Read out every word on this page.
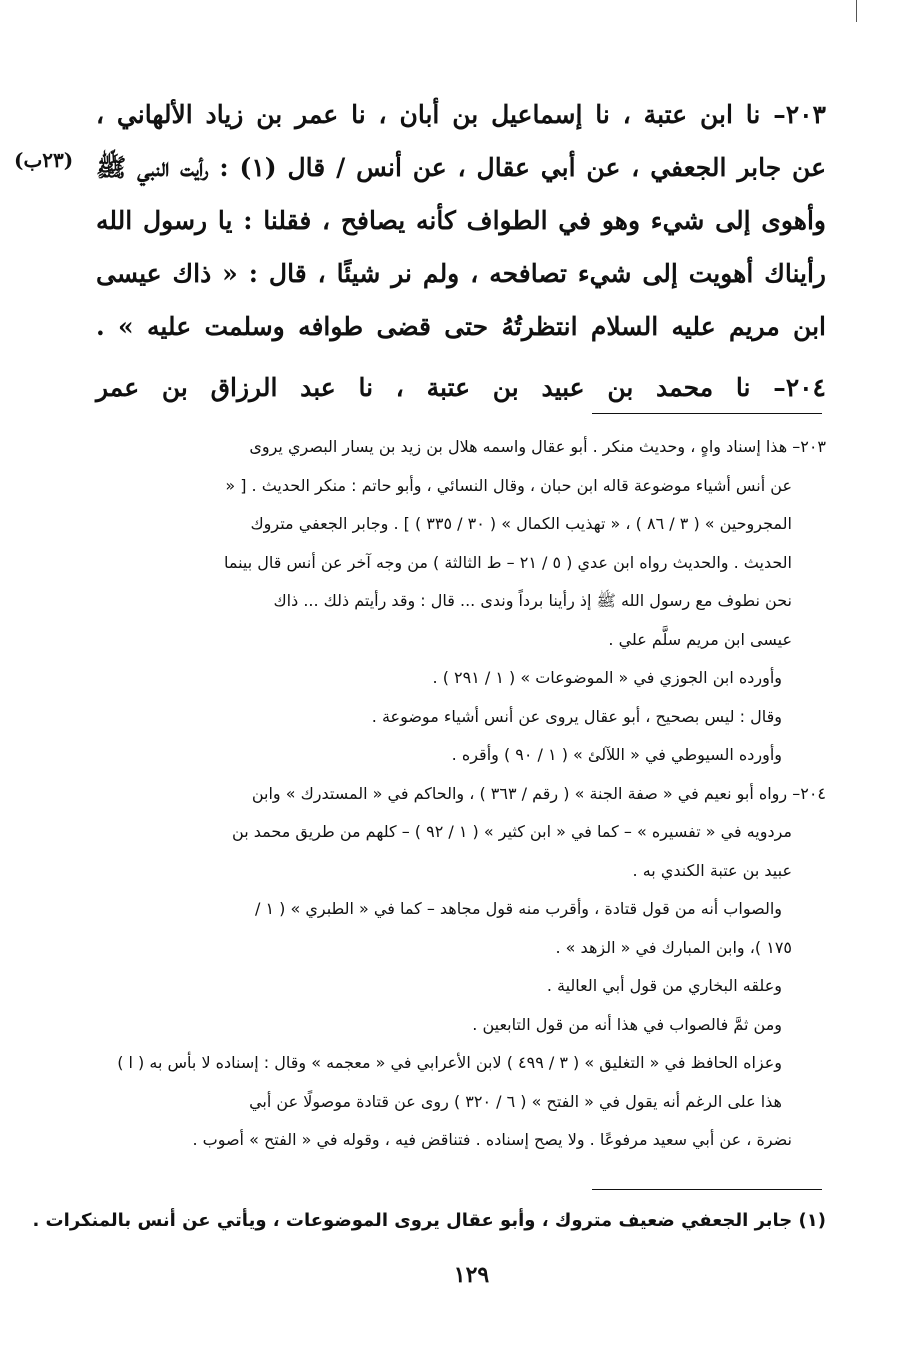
(٢٣ب)
٢٠٣– نا ابن عتبة ، نا إسماعيل بن أبان ، نا عمر بن زياد الألهاني ،
عن جابر الجعفي ، عن أبي عقال ، عن أنس / قال (١) : رأيت النبي ﷺ
وأهوى إلى شيء وهو في الطواف كأنه يصافح ، فقلنا : يا رسول الله
رأيناك أهويت إلى شيء تصافحه ، ولم نر شيئًا ، قال : « ذاك عيسى
ابن مريم عليه السلام انتظرتُهُ حتى قضى طوافه وسلمت عليه » .
٢٠٤– نا محمد بن عبيد بن عتبة ، نا عبد الرزاق بن عمر
٢٠٣– هذا إسناد واهٍ ، وحديث منكر . أبو عقال واسمه هلال بن زيد بن يسار البصري يروى
عن أنس أشياء موضوعة قاله ابن حبان ، وقال النسائي ، وأبو حاتم : منكر الحديث . [ «
المجروحين » ( ٣ / ٨٦ ) ، « تهذيب الكمال » ( ٣٠ / ٣٣٥ ) ] . وجابر الجعفي متروك
الحديث . والحديث رواه ابن عدي ( ٥ / ٢١ – ط الثالثة ) من وجه آخر عن أنس قال بينما
نحن نطوف مع رسول الله ﷺ إذ رأينا برداً وندى ... قال : وقد رأيتم ذلك ... ذاك
عيسى ابن مريم سلَّم علي .
وأورده ابن الجوزي في « الموضوعات » ( ١ / ٢٩١ ) .
وقال : ليس بصحيح ، أبو عقال يروى عن أنس أشياء موضوعة .
وأورده السيوطي في « اللآلئ » ( ١ / ٩٠ ) وأقره .
٢٠٤– رواه أبو نعيم في « صفة الجنة » ( رقم / ٣٦٣ ) ، والحاكم في « المستدرك » وابن
مردويه في « تفسيره » – كما في « ابن كثير » ( ١ / ٩٢ ) – كلهم من طريق محمد بن
عبيد بن عتبة الكندي به .
والصواب أنه من قول قتادة ، وأقرب منه قول مجاهد – كما في « الطبري » ( ١ /
١٧٥ )، وابن المبارك في « الزهد » .
وعلقه البخاري من قول أبي العالية .
ومن ثمَّ فالصواب في هذا أنه من قول التابعين .
وعزاه الحافظ في « التغليق » ( ٣ / ٤٩٩ ) لابن الأعرابي في « معجمه » وقال : إسناده لا بأس به ( ا )
هذا على الرغم أنه يقول في « الفتح » ( ٦ / ٣٢٠ ) روى عن قتادة موصولًا عن أبي
نضرة ، عن أبي سعيد مرفوعًا . ولا يصح إسناده . فتناقض فيه ، وقوله في « الفتح » أصوب .
(١) جابر الجعفي ضعيف متروك ، وأبو عقال يروى الموضوعات ، ويأتي عن أنس بالمنكرات .
١٢٩
